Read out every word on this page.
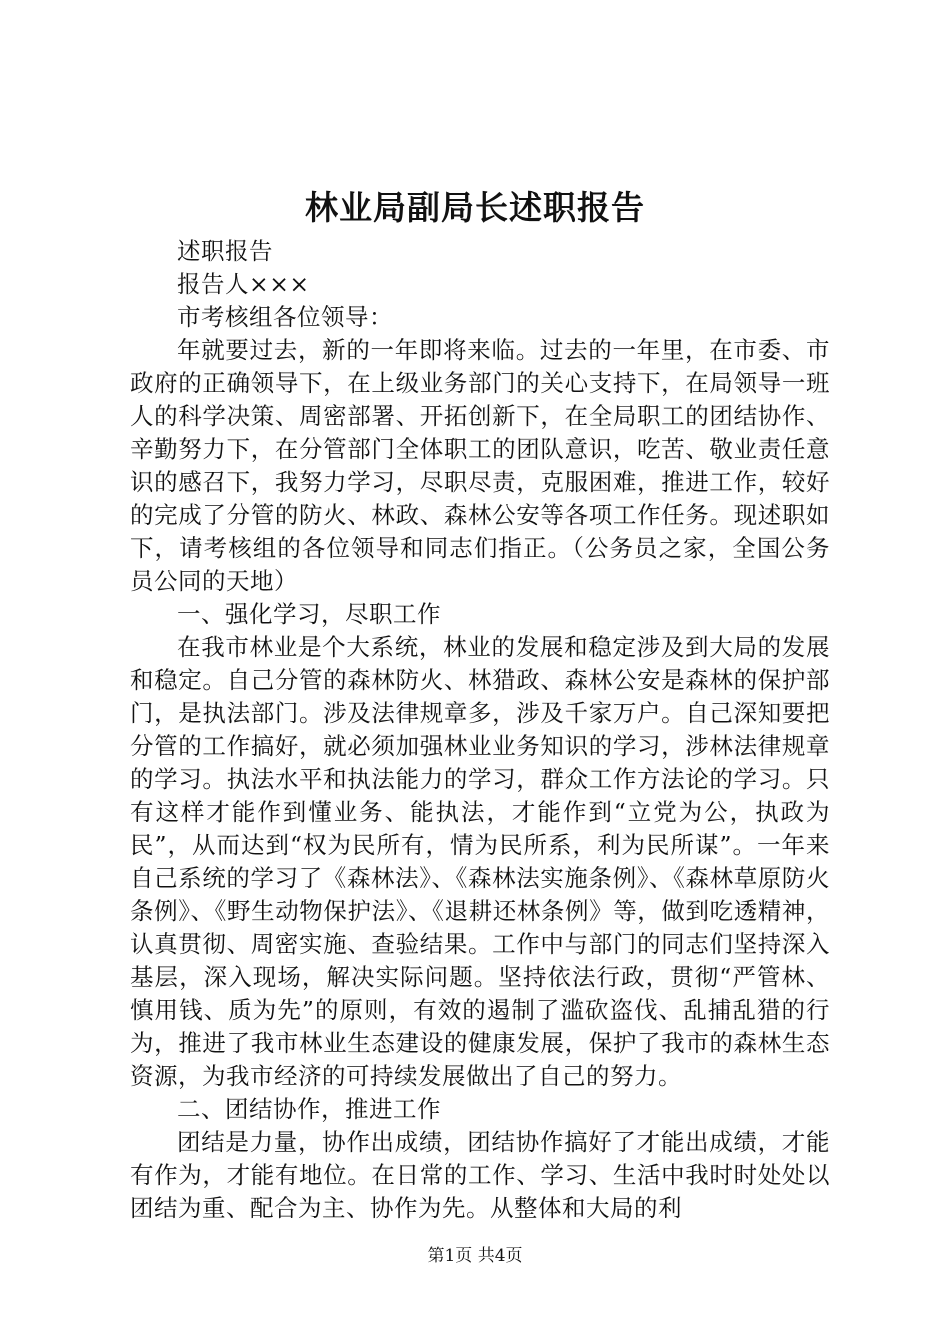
林业局副局长述职报告

述职报告

报告人×××

市考核组各位领导：

年就要过去，新的一年即将来临。过去的一年里，在市委、市政府的正确领导下，在上级业务部门的关心支持下，在局领导一班人的科学决策、周密部署、开拓创新下，在全局职工的团结协作、辛勤努力下，在分管部门全体职工的团队意识，吃苦、敬业责任意识的感召下，我努力学习，尽职尽责，克服困难，推进工作，较好的完成了分管的防火、林政、森林公安等各项工作任务。现述职如下，请考核组的各位领导和同志们指正。（公务员之家，全国公务员公同的天地）

一、强化学习，尽职工作

在我市林业是个大系统，林业的发展和稳定涉及到大局的发展和稳定。自己分管的森林防火、林猎政、森林公安是森林的保护部门，是执法部门。涉及法律规章多，涉及千家万户。自己深知要把分管的工作搞好，就必须加强林业业务知识的学习，涉林法律规章的学习。执法水平和执法能力的学习，群众工作方法论的学习。只有这样才能作到懂业务、能执法，才能作到“立党为公，执政为民”，从而达到“权为民所有，情为民所系，利为民所谋”。一年来自己系统的学习了《森林法》、《森林法实施条例》、《森林草原防火条例》、《野生动物保护法》、《退耕还林条例》等，做到吃透精神，认真贯彻、周密实施、查验结果。工作中与部门的同志们坚持深入基层，深入现场，解决实际问题。坚持依法行政，贯彻“严管林、慎用钱、质为先”的原则，有效的遏制了滥砍盗伐、乱捕乱猎的行为，推进了我市林业生态建设的健康发展，保护了我市的森林生态资源，为我市经济的可持续发展做出了自己的努力。

二、团结协作，推进工作

团结是力量，协作出成绩，团结协作搞好了才能出成绩，才能有作为，才能有地位。在日常的工作、学习、生活中我时时处处以团结为重、配合为主、协作为先。从整体和大局的利

第1页 共4页
